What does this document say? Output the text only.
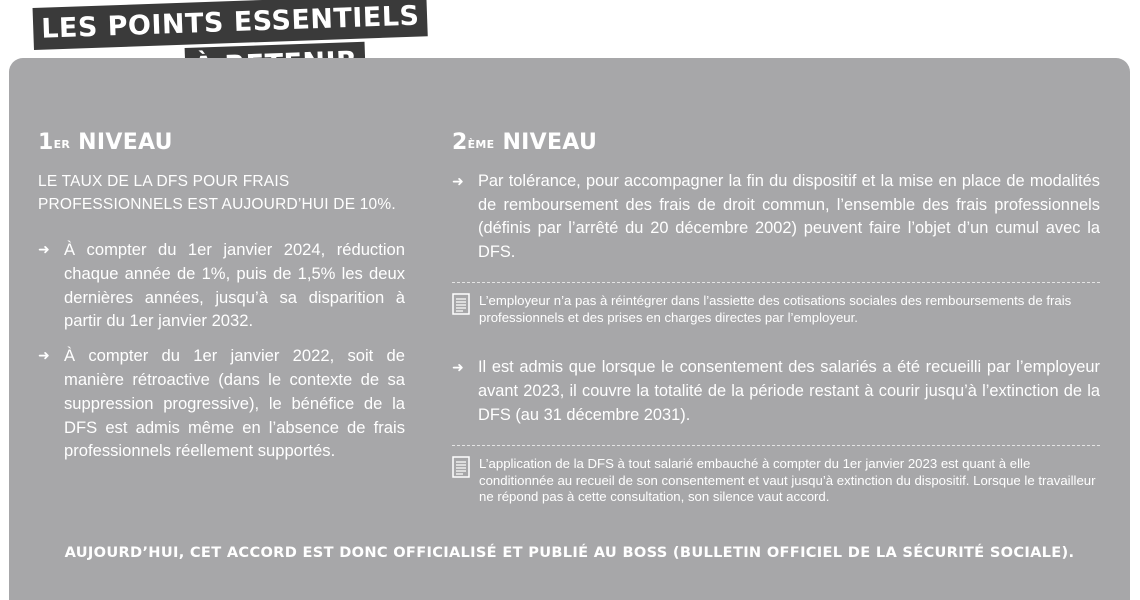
LES POINTS ESSENTIELS
1ER NIVEAU

LE TAUX DE LA DFS POUR FRAIS PROFESSIONNELS EST AUJOURD’HUI DE 10%.

➜ À compter du 1er janvier 2024, réduction chaque année de 1%, puis de 1,5% les deux dernières années, jusqu’à sa disparition à partir du 1er janvier 2032.
➜ À compter du 1er janvier 2022, soit de manière rétroactive (dans le contexte de sa suppression progressive), le bénéfice de la DFS est admis même en l’absence de frais professionnels réellement supportés.
2ÈME NIVEAU
➜ Par tolérance, pour accompagner la fin du dispositif et la mise en place de modalités de remboursement des frais de droit commun, l’ensemble des frais professionnels (définis par l’arrêté du 20 décembre 2002) peuvent faire l’objet d’un cumul avec la DFS.
L’employeur n’a pas à réintégrer dans l’assiette des cotisations sociales des remboursements de frais professionnels et des prises en charges directes par l’employeur.
➜ Il est admis que lorsque le consentement des salariés a été recueilli par l’employeur avant 2023, il couvre la totalité de la période restant à courir jusqu’à l’extinction de la DFS (au 31 décembre 2031).
L’application de la DFS à tout salarié embauché à compter du 1er janvier 2023 est quant à elle conditionnée au recueil de son consentement et vaut jusqu’à extinction du dispositif. Lorsque le travailleur ne répond pas à cette consultation, son silence vaut accord.
AUJOURD’HUI, CET ACCORD EST DONC OFFICIALISÉ ET PUBLIÉ AU BOSS (BULLETIN OFFICIEL DE LA SÉCURITÉ SOCIALE).
